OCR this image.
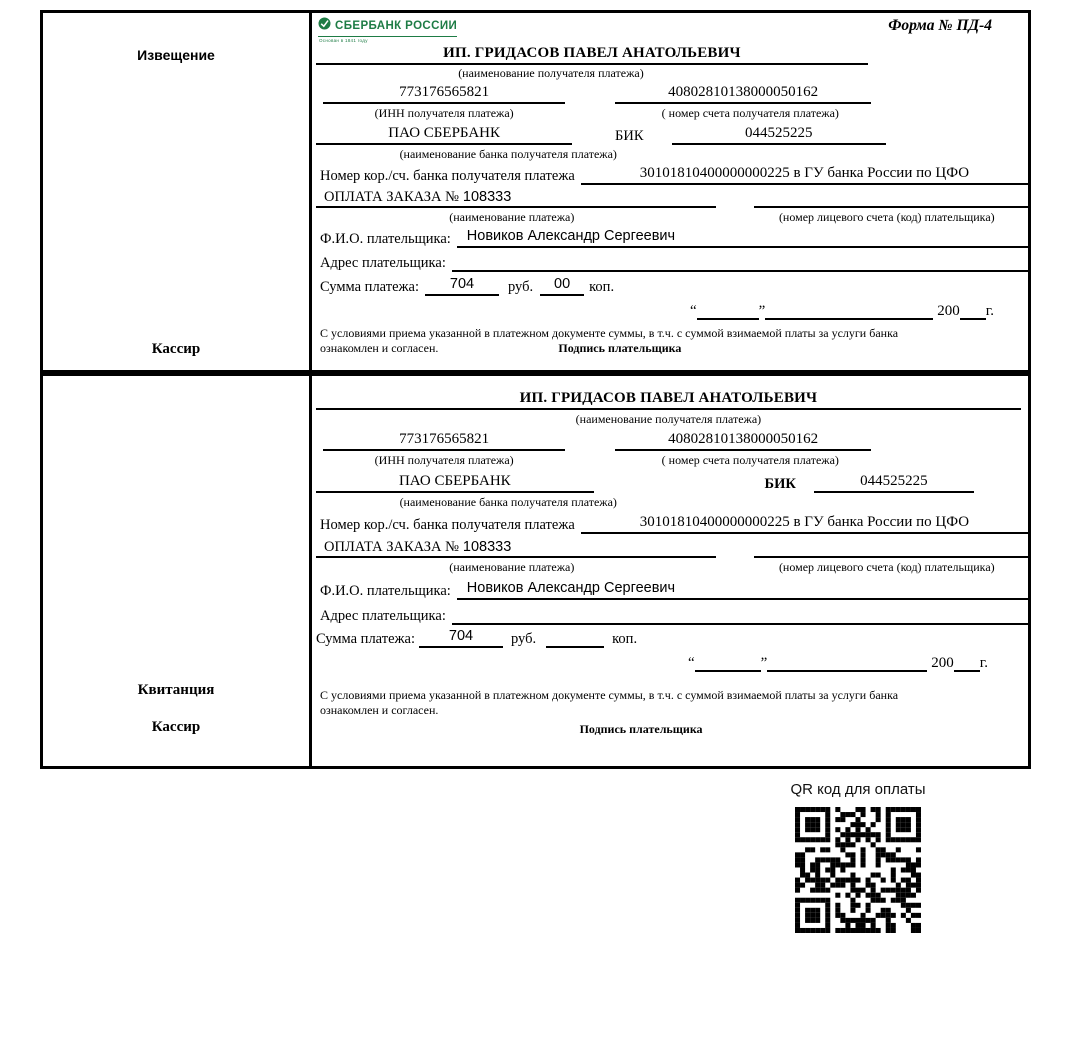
Извещение
Кассир
СБЕРБАНК РОССИИ
Основан в 1841 году
Форма № ПД-4
ИП. ГРИДАСОВ ПАВЕЛ АНАТОЛЬЕВИЧ
(наименование получателя платежа)
773176565821	40802810138000050162
(ИНН получателя платежа)	( номер счета получателя платежа)
ПАО СБЕРБАНК	БИК	044525225
(наименование банка получателя платежа)
Номер кор./сч. банка получателя платежа	30101810400000000225 в ГУ банка России по ЦФО
ОПЛАТА ЗАКАЗА № 108333
(наименование платежа)	(номер лицевого счета (код) плательщика)
Ф.И.О. плательщика:	Новиков Александр Сергеевич
Адрес плательщика:
Сумма платежа:	704	руб.	00	коп.
“	”	200 г.
С условиями приема указанной в платежном документе суммы, в т.ч. с суммой взимаемой платы за услуги банка
ознакомлен и согласен.	Подпись плательщика
Квитанция
Кассир
ИП. ГРИДАСОВ ПАВЕЛ АНАТОЛЬЕВИЧ
(наименование получателя платежа)
773176565821	40802810138000050162
(ИНН получателя платежа)	( номер счета получателя платежа)
ПАО СБЕРБАНК	БИК	044525225
(наименование банка получателя платежа)
Номер кор./сч. банка получателя платежа	30101810400000000225 в ГУ банка России по ЦФО
ОПЛАТА ЗАКАЗА № 108333
(наименование платежа)	(номер лицевого счета (код) плательщика)
Ф.И.О. плательщика:	Новиков Александр Сергеевич
Адрес плательщика:
Сумма платежа:	704	руб.	коп.
“	”	200 г.
С условиями приема указанной в платежном документе суммы, в т.ч. с суммой взимаемой платы за услуги банка
ознакомлен и согласен.
Подпись плательщика
QR код для оплаты
